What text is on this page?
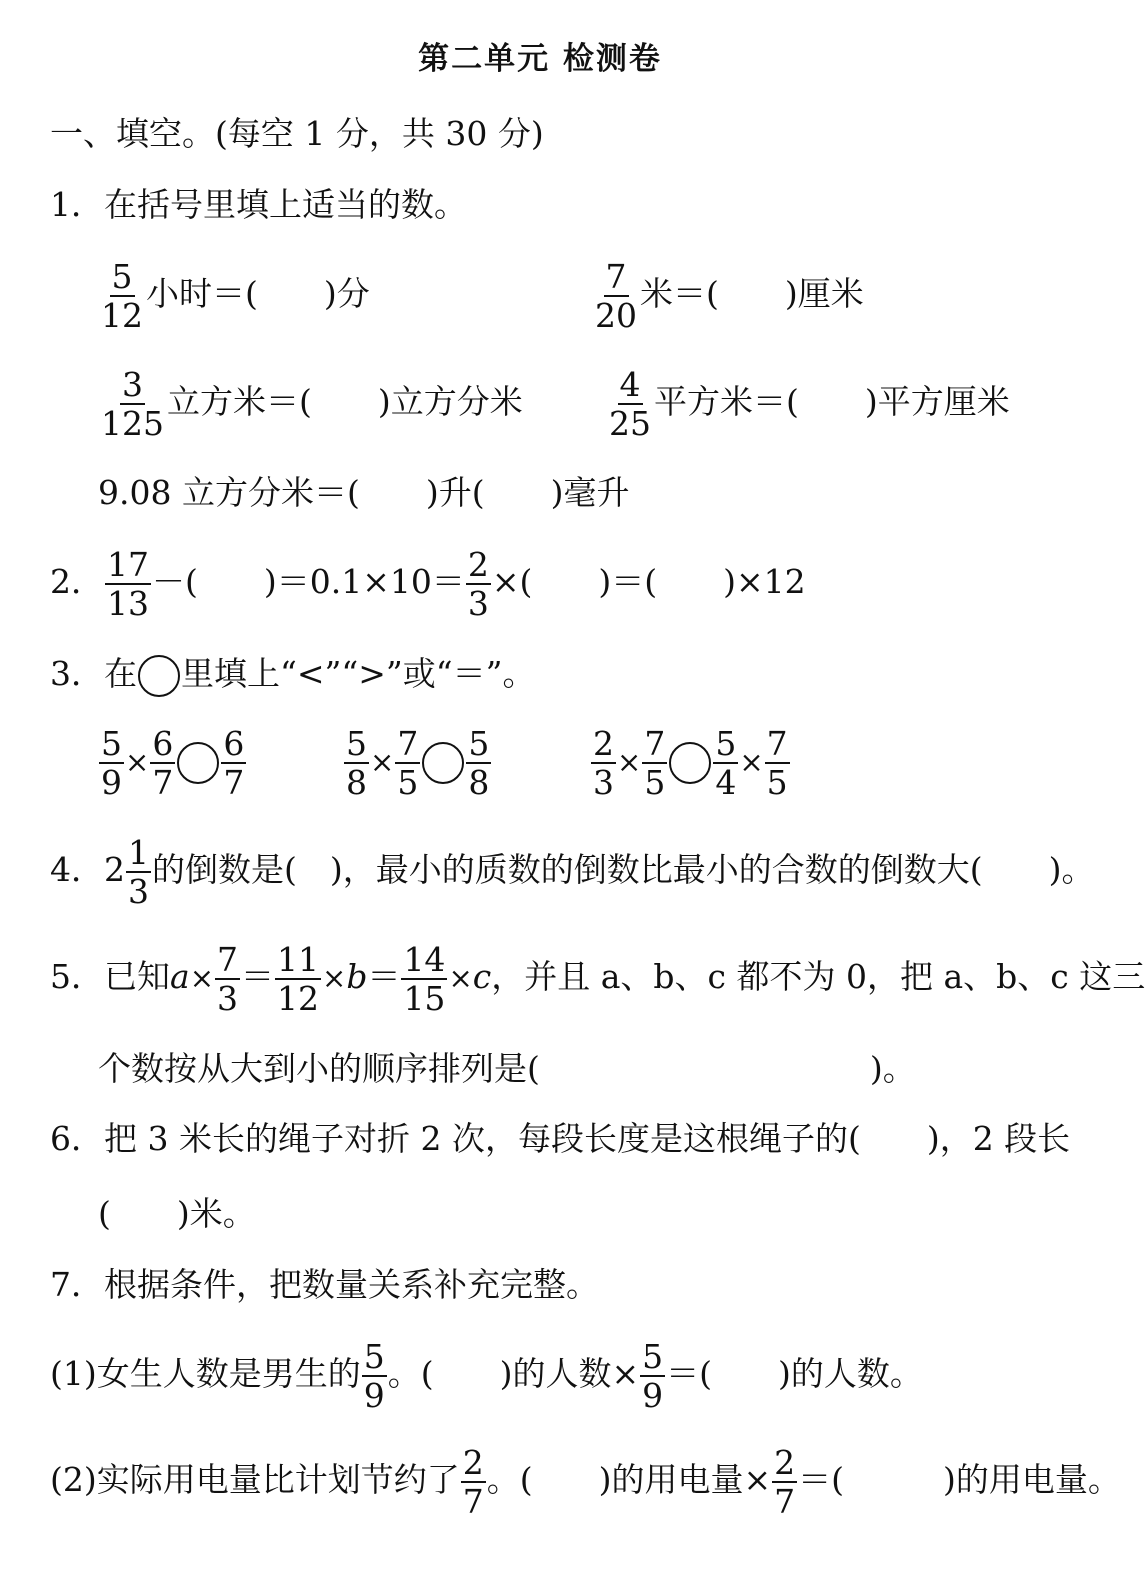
第二单元 检测卷
一、填空。(每空 1 分，共 30 分)
1．在括号里填上适当的数。
$\frac{5}{12}$ 小时＝(　　)分	$\frac{7}{20}$ 米＝(　　)厘米
$\frac{3}{125}$ 立方米＝(　　)立方分米	$\frac{4}{25}$ 平方米＝(　　)平方厘米
9.08 立方分米＝(　　)升(　　)毫升
2． $\frac{17}{13}$ －(　　)$=0.1\times 10= \frac{2}{3}$ ×(　　)＝(　　)×12
3．在 里填上“<”“>”或“＝”。
$\frac{5}{9} \times \frac{6}{7} \frac{6}{7}$	$\frac{5}{8} \times \frac{7}{5} \frac{5}{8}$	$\frac{2}{3} \times \frac{7}{5} \frac{5}{4} \times \frac{7}{5}$
4．$2 \frac{1}{3}$ 的倒数是(　)，最小的质数的倒数比最小的合数的倒数大(　　)。
5．已知$a\times \frac{7}{3} = \frac{11}{12} \times b= \frac{14}{15} \times c$，并且 a、b、c 都不为 0，把 a、b、c 这三
个数按从大到小的顺序排列是(　　　　　　　　　　)。
6．把 3 米长的绳子对折 2 次，每段长度是这根绳子的(　　)，2 段长
(　　)米。
7．根据条件，把数量关系补充完整。
(1)女生人数是男生的 $\frac{5}{9}$ 。(　　)的人数× $\frac{5}{9}$ ＝(　　)的人数。
(2)实际用电量比计划节约了 $\frac{2}{7}$ 。(　　)的用电量× $\frac{2}{7}$ ＝(　　　)的用电量。
